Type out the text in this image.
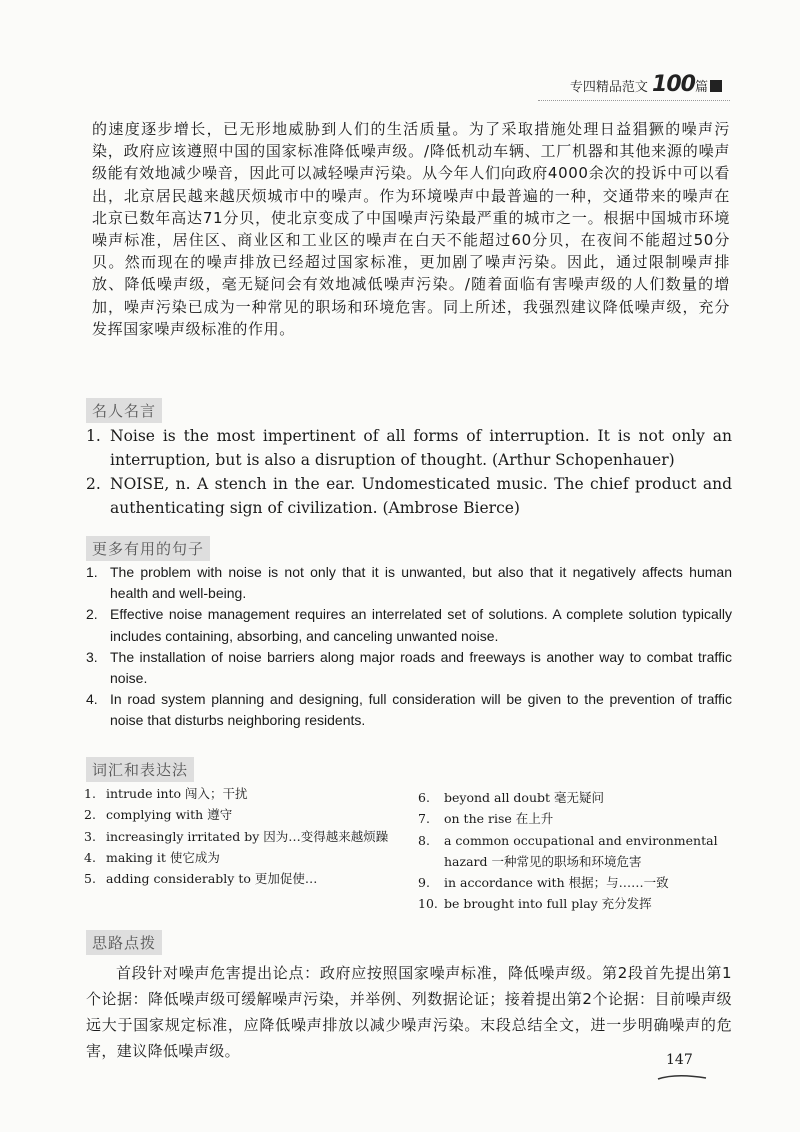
专四精品范文 100篇
的速度逐步增长，已无形地威胁到人们的生活质量。为了采取措施处理日益猖獗的噪声污染，政府应该遵照中国的国家标准降低噪声级。/降低机动车辆、工厂机器和其他来源的噪声级能有效地减少噪音，因此可以减轻噪声污染。从今年人们向政府4000余次的投诉中可以看出，北京居民越来越厌烦城市中的噪声。作为环境噪声中最普遍的一种，交通带来的噪声在北京已数年高达71分贝，使北京变成了中国噪声污染最严重的城市之一。根据中国城市环境噪声标准，居住区、商业区和工业区的噪声在白天不能超过60分贝，在夜间不能超过50分贝。然而现在的噪声排放已经超过国家标准，更加剧了噪声污染。因此，通过限制噪声排放、降低噪声级，毫无疑问会有效地减低噪声污染。/随着面临有害噪声级的人们数量的增加，噪声污染已成为一种常见的职场和环境危害。同上所述，我强烈建议降低噪声级，充分发挥国家噪声级标准的作用。
名人名言
1. Noise is the most impertinent of all forms of interruption. It is not only an interruption, but is also a disruption of thought. (Arthur Schopenhauer)
2. NOISE, n. A stench in the ear. Undomesticated music. The chief product and authenticating sign of civilization. (Ambrose Bierce)
更多有用的句子
1. The problem with noise is not only that it is unwanted, but also that it negatively affects human health and well-being.
2. Effective noise management requires an interrelated set of solutions. A complete solution typically includes containing, absorbing, and canceling unwanted noise.
3. The installation of noise barriers along major roads and freeways is another way to combat traffic noise.
4. In road system planning and designing, full consideration will be given to the prevention of traffic noise that disturbs neighboring residents.
词汇和表达法
1. intrude into 闯入；干扰
2. complying with 遵守
3. increasingly irritated by 因为…变得越来越烦躁
4. making it 使它成为
5. adding considerably to 更加促使…
6.	beyond all doubt 毫无疑问
7.	on the rise 在上升
8.	a common occupational and environmental hazard 一种常见的职场和环境危害
9.	in accordance with 根据；与……一致
10. be brought into full play 充分发挥
思路点拨
首段针对噪声危害提出论点：政府应按照国家噪声标准，降低噪声级。第2段首先提出第1个论据：降低噪声级可缓解噪声污染，并举例、列数据论证；接着提出第2个论据：目前噪声级远大于国家规定标准，应降低噪声排放以减少噪声污染。末段总结全文，进一步明确噪声的危害，建议降低噪声级。	147
